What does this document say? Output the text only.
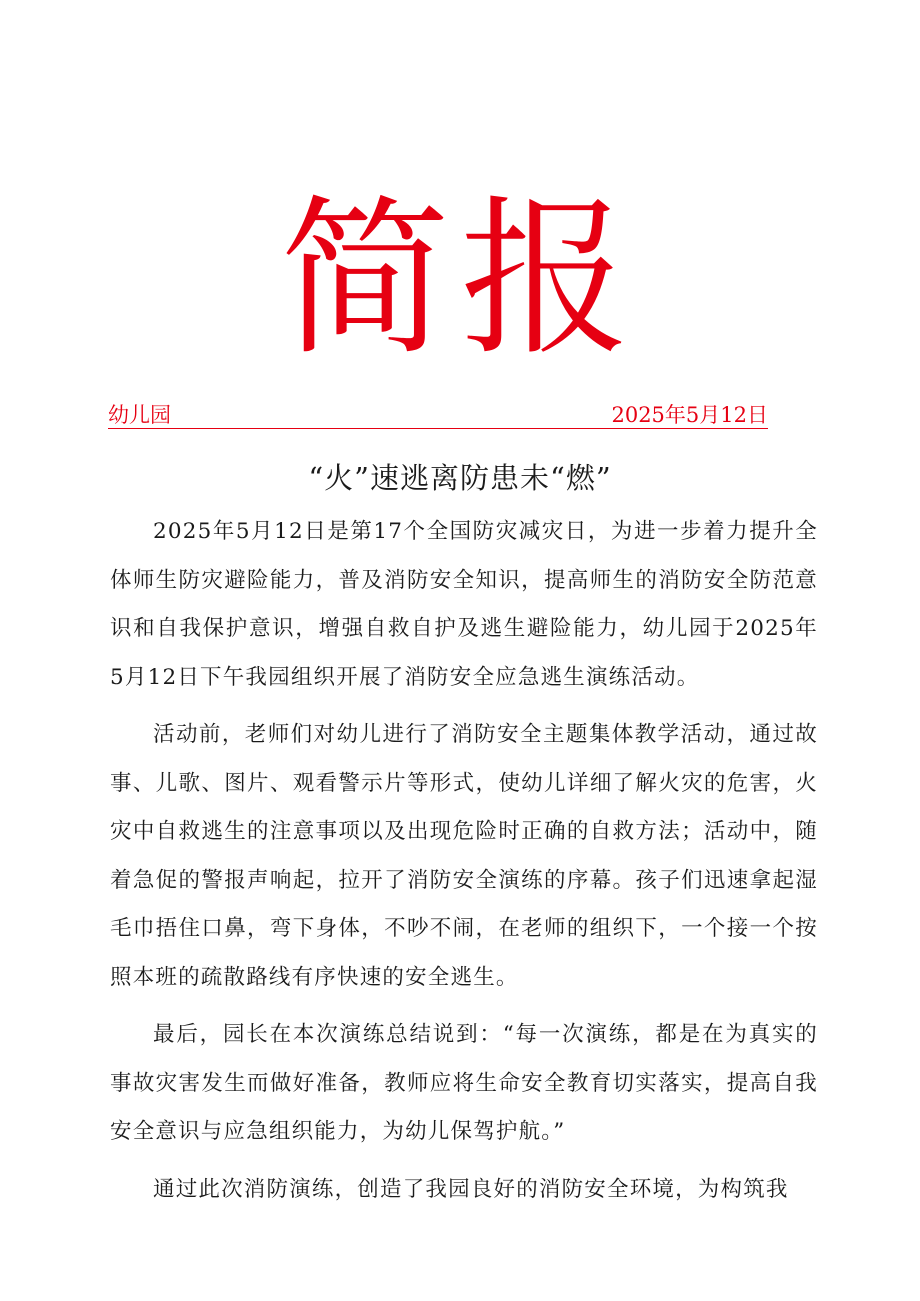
简报
幼儿园	2025年5月12日
“火”速逃离防患未“燃”

2025年5月12日是第17个全国防灾减灾日，为进一步着力提升全体师生防灾避险能力，普及消防安全知识，提高师生的消防安全防范意识和自我保护意识，增强自救自护及逃生避险能力，幼儿园于2025年5月12日下午我园组织开展了消防安全应急逃生演练活动。

活动前，老师们对幼儿进行了消防安全主题集体教学活动，通过故事、儿歌、图片、观看警示片等形式，使幼儿详细了解火灾的危害，火灾中自救逃生的注意事项以及出现危险时正确的自救方法；活动中，随着急促的警报声响起，拉开了消防安全演练的序幕。孩子们迅速拿起湿毛巾捂住口鼻，弯下身体，不吵不闹，在老师的组织下，一个接一个按照本班的疏散路线有序快速的安全逃生。

最后，园长在本次演练总结说到：“每一次演练，都是在为真实的事故灾害发生而做好准备，教师应将生命安全教育切实落实，提高自我安全意识与应急组织能力，为幼儿保驾护航。”

通过此次消防演练，创造了我园良好的消防安全环境，为构筑我
